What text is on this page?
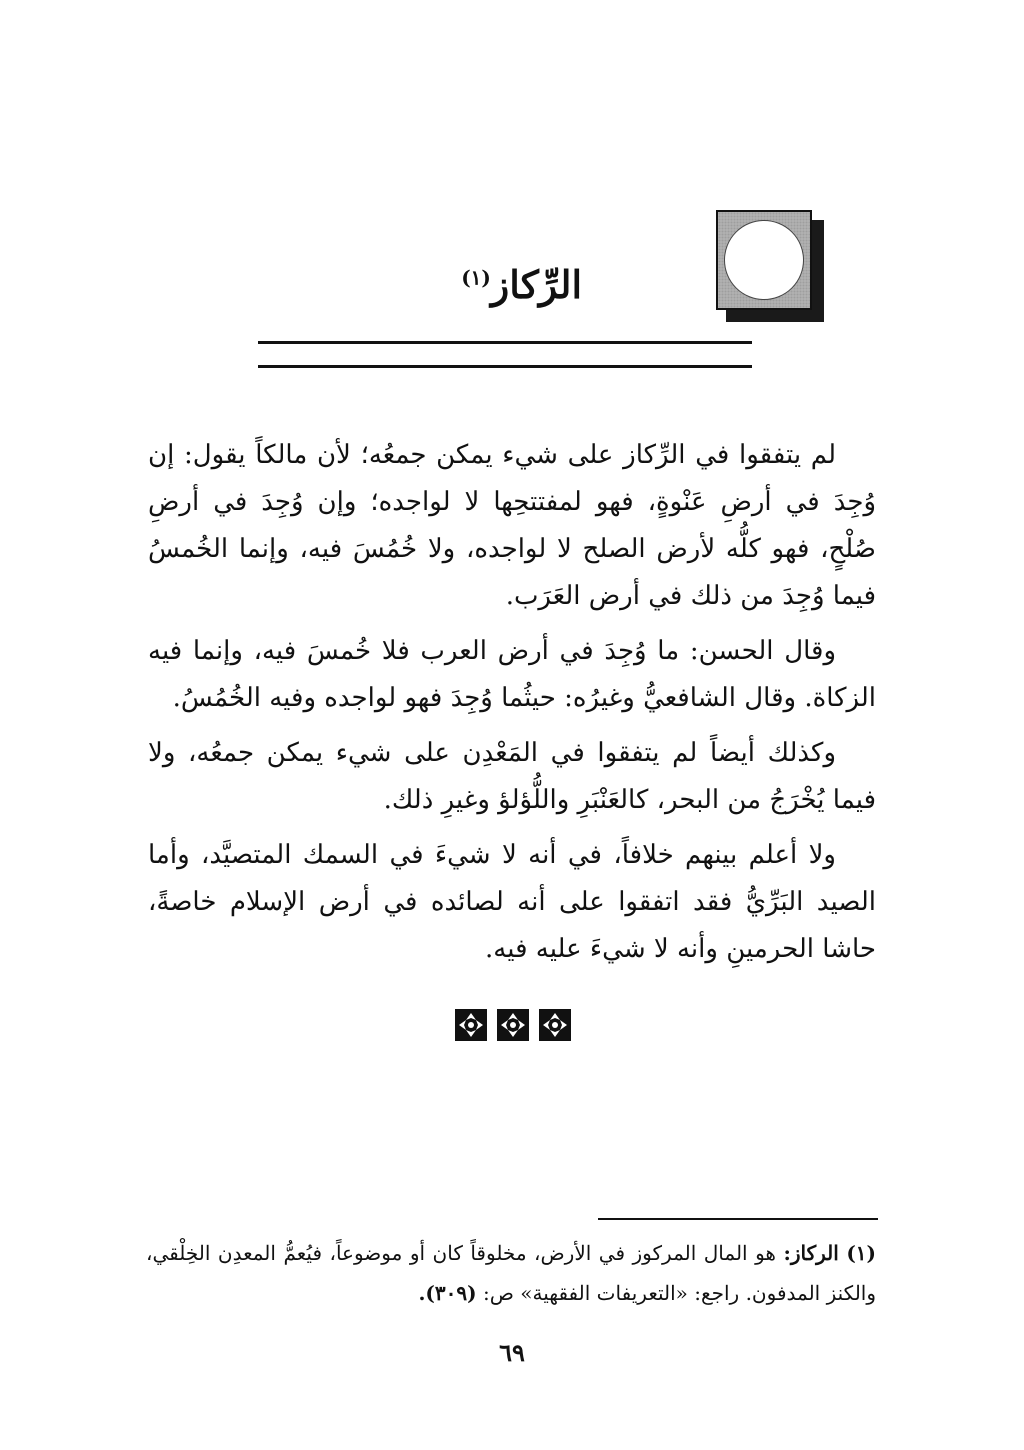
الرِّكاز$^{(١)}$

لم يتفقوا في الرِّكاز على شيء يمكن جمعُه؛ لأن مالكاً يقول: إن وُجِدَ في أرضِ عَنْوةٍ، فهو لمفتتحِها لا لواجده؛ وإن وُجِدَ في أرضِ صُلْحٍ، فهو كلُّه لأرض الصلح لا لواجده، ولا خُمُسَ فيه، وإنما الخُمسُ فيما وُجِدَ من ذلك في أرض العَرَب.

وقال الحسن: ما وُجِدَ في أرض العرب فلا خُمسَ فيه، وإنما فيه الزكاة. وقال الشافعيُّ وغيرُه: حيثُما وُجِدَ فهو لواجده وفيه الخُمُسُ.

وكذلك أيضاً لم يتفقوا في المَعْدِن على شيء يمكن جمعُه، ولا فيما يُخْرَجُ من البحر، كالعَنْبَرِ واللُّؤلؤ وغيرِ ذلك.

ولا أعلم بينهم خلافاً، في أنه لا شيءَ في السمك المتصيَّد، وأما الصيد البَرِّيُّ فقد اتفقوا على أنه لصائده في أرض الإسلام خاصةً، حاشا الحرمينِ وأنه لا شيءَ عليه فيه.

(١) الركاز: هو المال المركوز في الأرض، مخلوقاً كان أو موضوعاً، فيُعمُّ المعدِن الخِلْقي، والكنز المدفون. راجع: «التعريفات الفقهية» ص: (٣٠٩).

٦٩
